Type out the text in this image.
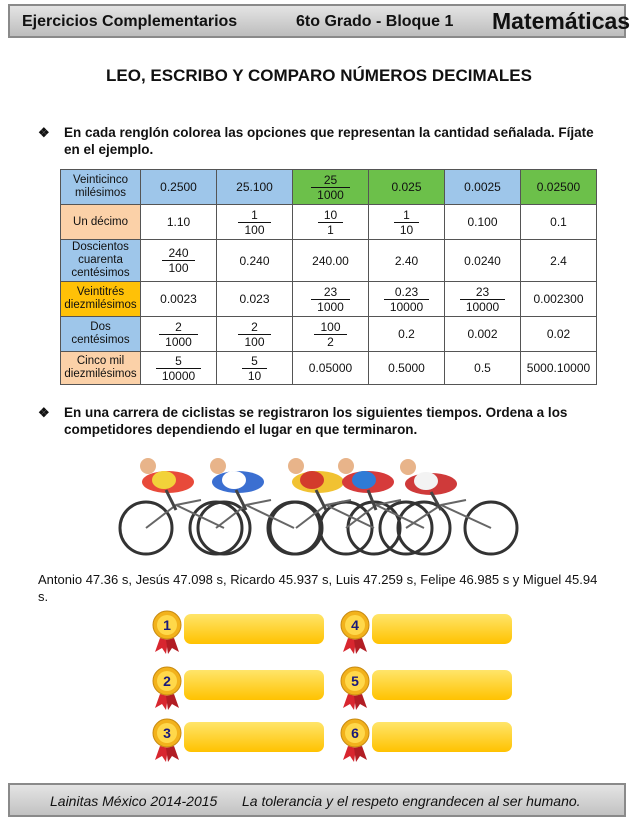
Ejercicios Complementarios	6to Grado - Bloque 1 Matemáticas
LEO, ESCRIBO Y COMPARO NÚMEROS DECIMALES
❖ En cada renglón colorea las opciones que representan la cantidad señalada. Fíjate en el ejemplo.
Veinticinco milésimos	0.2500	25.100	$\frac{25}{1000}$	0.025	0.0025	0.02500
Un décimo	1.10	$\frac{1}{100}$	$\frac{10}{1}$	$\frac{1}{10}$	0.100	0.1
Doscientos cuarenta centésimos	$\frac{240}{100}$	0.240	240.00	2.40	0.0240	2.4
Veintitrés diezmilésimos	0.0023	0.023	$\frac{23}{1000}$	$\frac{0.23}{10000}$	$\frac{23}{10000}$	0.002300
Dos centésimos	$\frac{2}{1000}$	$\frac{2}{100}$	$\frac{100}{2}$	0.2	0.002	0.02
Cinco mil diezmilésimos	$\frac{5}{10000}$	$\frac{5}{10}$	0.05000	0.5000	0.5	5000.10000
❖ En una carrera de ciclistas se registraron los siguientes tiempos. Ordena a los competidores dependiendo el lugar en que terminaron.
Antonio 47.36 s, Jesús 47.098 s, Ricardo 45.937 s, Luis 47.259 s, Felipe 46.985 s y Miguel 45.94 s.
1
2
3
4
5
6
Lainitas México 2014-2015 La tolerancia y el respeto engrandecen al ser humano.
